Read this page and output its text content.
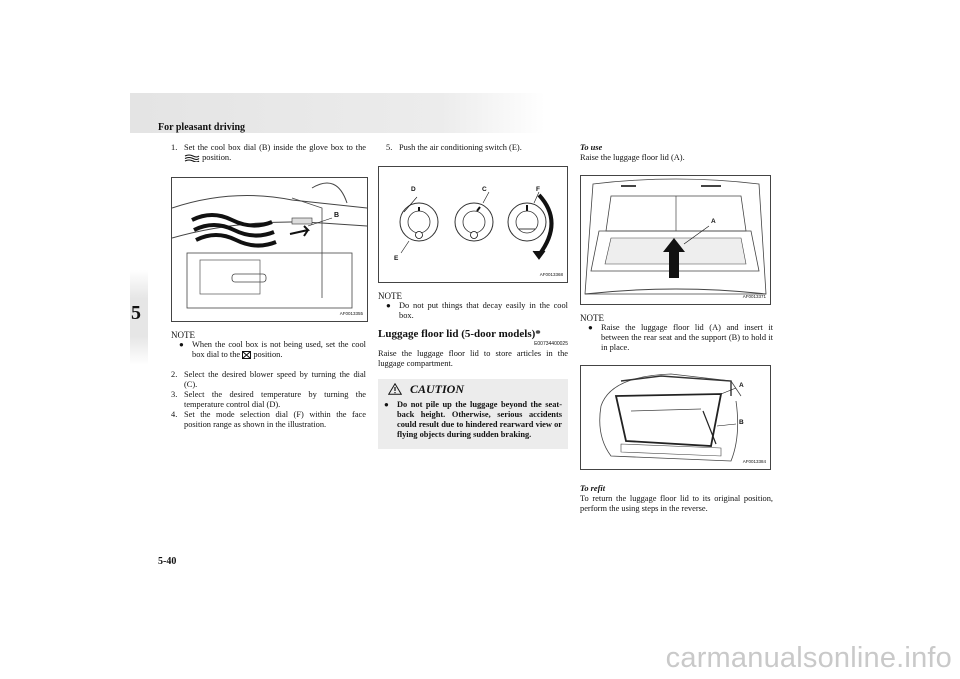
For pleasant driving
5
1. Set the cool box dial (B) inside the glove box to the  position.
B
AF0013355
NOTE
● When the cool box is not being used, set the cool box dial to the position.
2. Select the desired blower speed by turning the dial (C).
3. Select the desired temperature by turning the temperature control dial (D).
4. Set the mode selection dial (F) within the face position range as shown in the illustration.
5. Push the air conditioning switch (E).
D	C	F
E
AF0013368
NOTE
● Do not put things that decay easily in the cool box.
Luggage floor lid (5-door models)*
E00734400025
Raise the luggage floor lid to store articles in the luggage compartment.
CAUTION
● Do not pile up the luggage beyond the seat-back height. Otherwise, serious accidents could result due to hindered rearward view or flying objects during sudden braking.
To use
Raise the luggage floor lid (A).
A
AF0013371
NOTE
● Raise the luggage floor lid (A) and insert it between the rear seat and the support (B) to hold it in place.
A
B
AF0013384
To refit
To return the luggage floor lid to its original position, perform the using steps in the reverse.
5-40
carmanualsonline.info
